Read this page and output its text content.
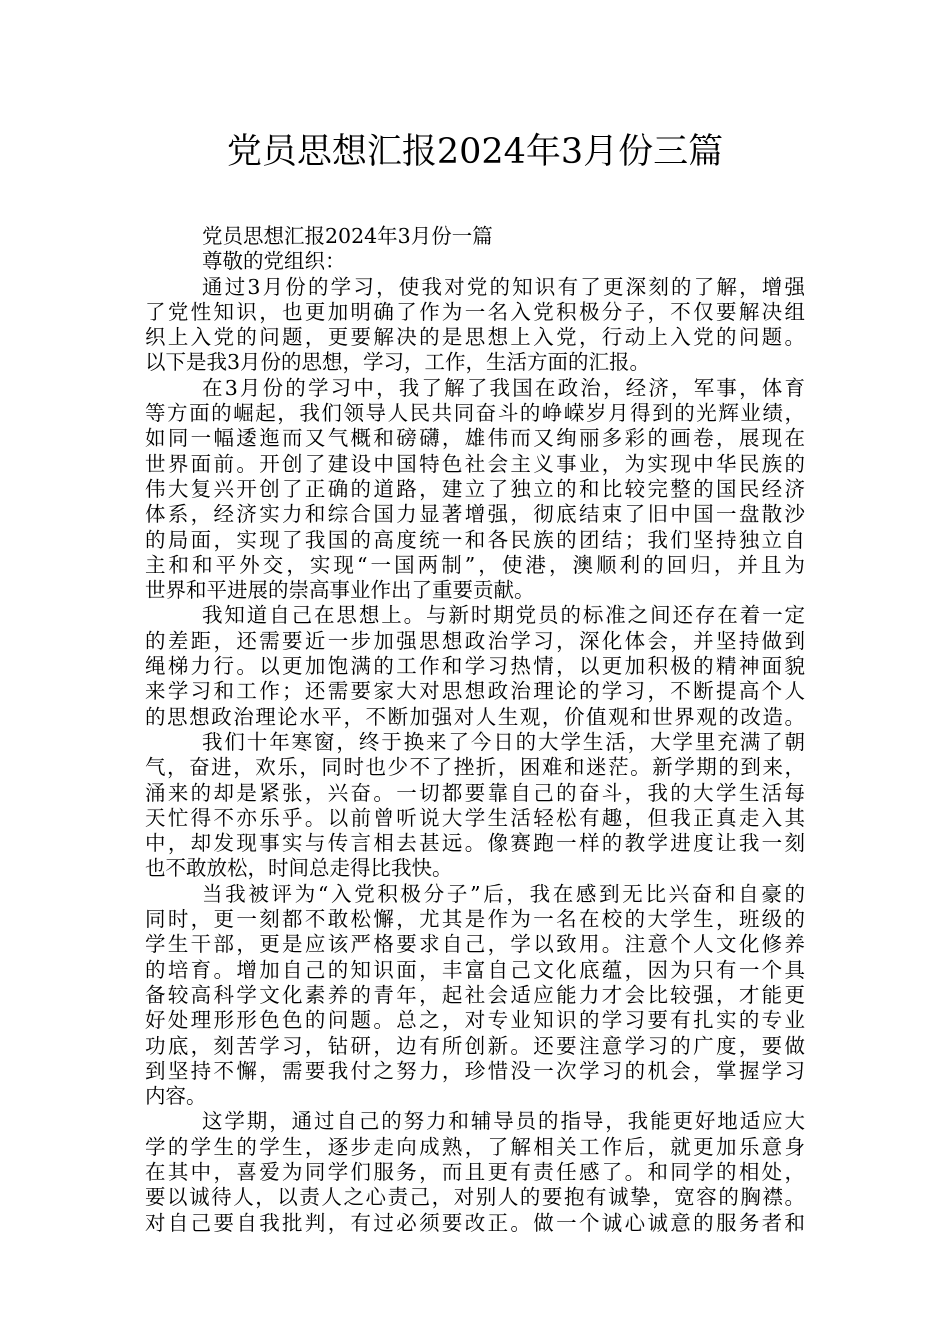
党员思想汇报2024年3月份三篇

党员思想汇报2024年3月份一篇

尊敬的党组织：

通过3月份的学习，使我对党的知识有了更深刻的了解，增强

了党性知识，也更加明确了作为一名入党积极分子，不仅要解决组

织上入党的问题，更要解决的是思想上入党，行动上入党的问题。

以下是我3月份的思想，学习，工作，生活方面的汇报。

在3月份的学习中，我了解了我国在政治，经济，军事，体育

等方面的崛起，我们领导人民共同奋斗的峥嵘岁月得到的光辉业绩，

如同一幅逶迤而又气概和磅礴，雄伟而又绚丽多彩的画卷，展现在

世界面前。开创了建设中国特色社会主义事业，为实现中华民族的

伟大复兴开创了正确的道路，建立了独立的和比较完整的国民经济

体系，经济实力和综合国力显著增强，彻底结束了旧中国一盘散沙

的局面，实现了我国的高度统一和各民族的团结；我们坚持独立自

主和和平外交，实现“一国两制”，使港，澳顺利的回归，并且为

世界和平进展的崇高事业作出了重要贡献。

我知道自己在思想上。与新时期党员的标准之间还存在着一定

的差距，还需要近一步加强思想政治学习，深化体会，并坚持做到

绳梯力行。以更加饱满的工作和学习热情，以更加积极的精神面貌

来学习和工作；还需要家大对思想政治理论的学习，不断提高个人

的思想政治理论水平，不断加强对人生观，价值观和世界观的改造。

我们十年寒窗，终于换来了今日的大学生活，大学里充满了朝

气，奋进，欢乐，同时也少不了挫折，困难和迷茫。新学期的到来，

涌来的却是紧张，兴奋。一切都要靠自己的奋斗，我的大学生活每

天忙得不亦乐乎。以前曾听说大学生活轻松有趣，但我正真走入其

中，却发现事实与传言相去甚远。像赛跑一样的教学进度让我一刻

也不敢放松，时间总走得比我快。

当我被评为“入党积极分子”后，我在感到无比兴奋和自豪的

同时，更一刻都不敢松懈，尤其是作为一名在校的大学生，班级的

学生干部，更是应该严格要求自己，学以致用。注意个人文化修养

的培育。增加自己的知识面，丰富自己文化底蕴，因为只有一个具

备较高科学文化素养的青年，起社会适应能力才会比较强，才能更

好处理形形色色的问题。总之，对专业知识的学习要有扎实的专业

功底，刻苦学习，钻研，边有所创新。还要注意学习的广度，要做

到坚持不懈，需要我付之努力，珍惜没一次学习的机会，掌握学习

内容。

这学期，通过自己的努力和辅导员的指导，我能更好地适应大

学的学生的学生，逐步走向成熟，了解相关工作后，就更加乐意身

在其中，喜爱为同学们服务，而且更有责任感了。和同学的相处，

要以诚待人，以责人之心责己，对别人的要抱有诚挚，宽容的胸襟。

对自己要自我批判，有过必须要改正。做一个诚心诚意的服务者和
